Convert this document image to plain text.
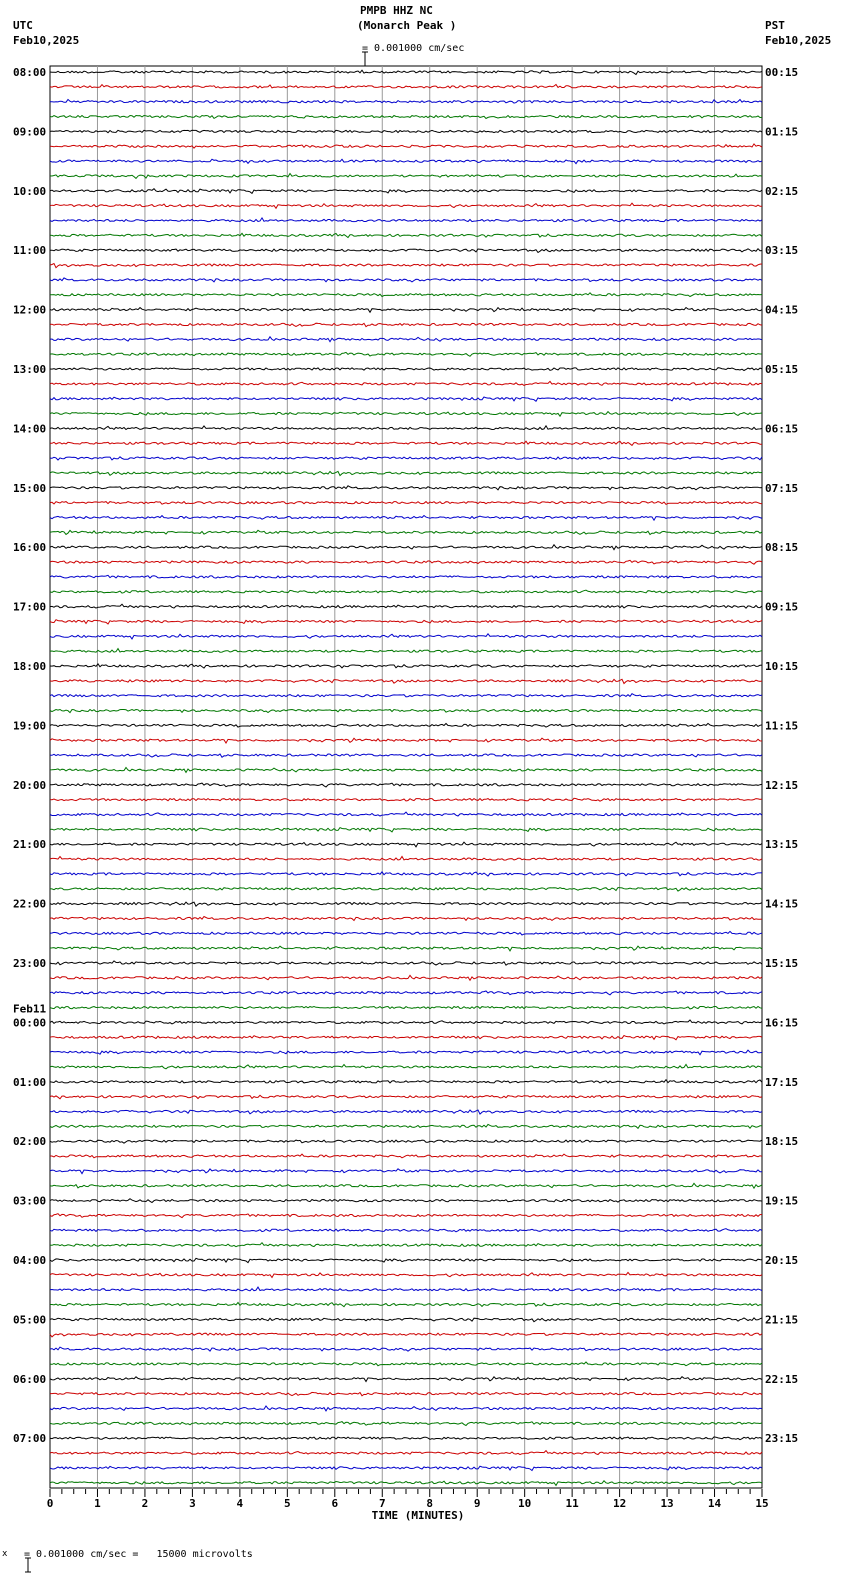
PMPB HHZ NC
(Monarch Peak )
UTC
Feb10,2025
PST
Feb10,2025

= 0.001000 cm/sec
0	1	2	3	4	5	6	7	8	9	10	11	12	13	14	15
TIME (MINUTES)
08:00
09:00
10:00
11:00
12:00
13:00
14:00
15:00
16:00
17:00
18:00
19:00
20:00
21:00
22:00
23:00
00:00
Feb11
01:00
02:00
03:00
04:00
05:00
06:00
07:00
00:15
01:15
02:15
03:15
04:15
05:15
06:15
07:15
08:15
09:15
10:15
11:15
12:15
13:15
14:15
15:15
16:15
17:15
18:15
19:15
20:15
21:15
22:15
23:15
x

= 0.001000 cm/sec =   15000 microvolts
